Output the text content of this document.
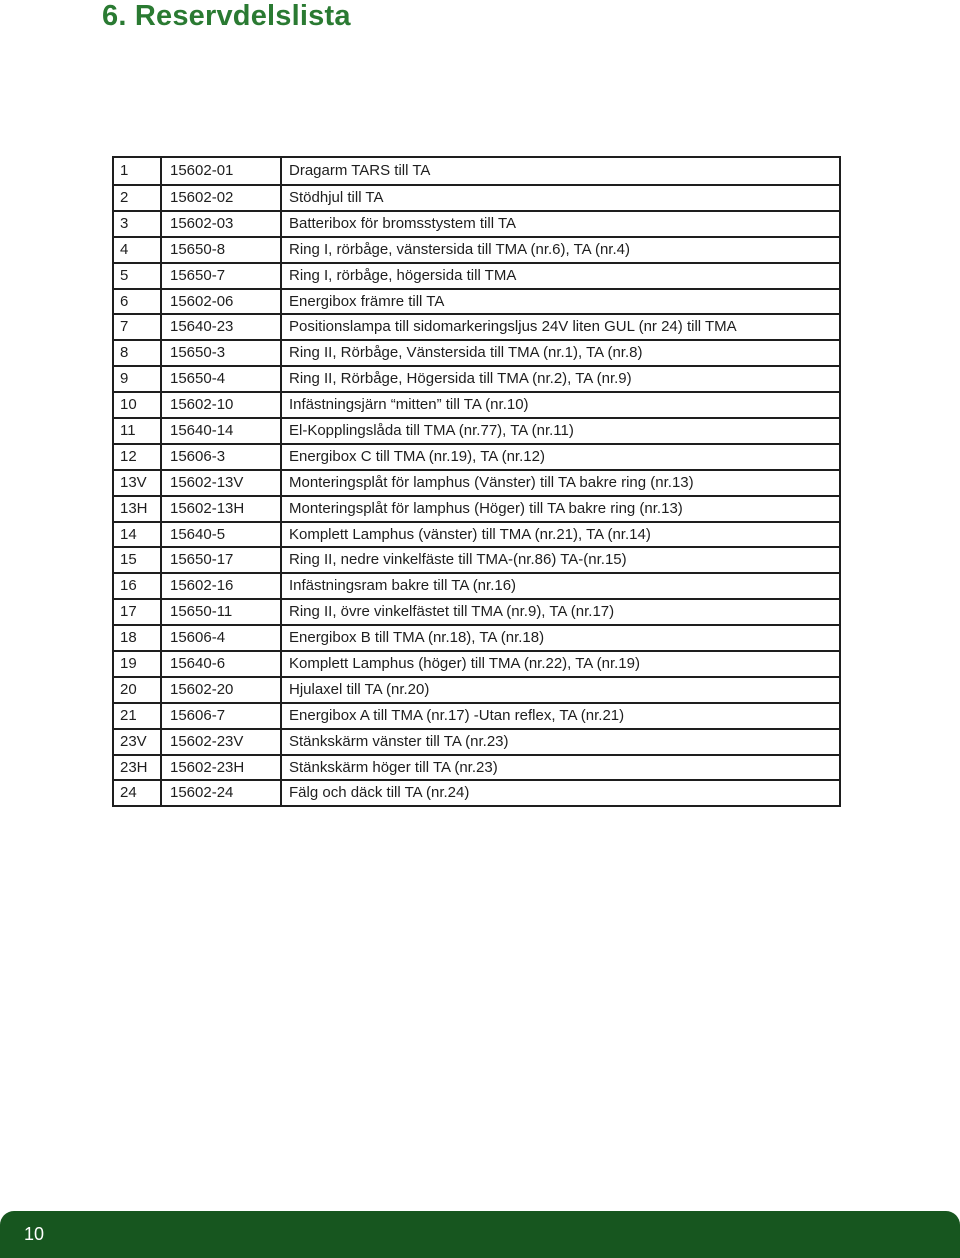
6. Reservdelslista
1	15602-01	Dragarm TARS till TA
2	15602-02	Stödhjul till TA
3	15602-03	Batteribox för bromsstystem till TA
4	15650-8	Ring I, rörbåge, vänstersida till TMA (nr.6), TA (nr.4)
5	15650-7	Ring I, rörbåge, högersida till TMA
6	15602-06	Energibox främre till TA
7	15640-23	Positionslampa till sidomarkeringsljus 24V liten GUL (nr 24) till TMA
8	15650-3	Ring II, Rörbåge, Vänstersida till TMA (nr.1), TA (nr.8)
9	15650-4	Ring II, Rörbåge, Högersida till TMA (nr.2), TA (nr.9)
10	15602-10	Infästningsjärn “mitten” till TA (nr.10)
11	15640-14	El-Kopplingslåda till TMA (nr.77), TA (nr.11)
12	15606-3	Energibox C till TMA (nr.19), TA (nr.12)
13V	15602-13V	Monteringsplåt för lamphus (Vänster) till TA bakre ring (nr.13)
13H	15602-13H	Monteringsplåt för lamphus (Höger) till TA bakre ring (nr.13)
14	15640-5	Komplett Lamphus (vänster) till TMA (nr.21), TA (nr.14)
15	15650-17	Ring II, nedre vinkelfäste till TMA-(nr.86) TA-(nr.15)
16	15602-16	Infästningsram bakre till TA (nr.16)
17	15650-11	Ring II, övre vinkelfästet till TMA (nr.9), TA (nr.17)
18	15606-4	Energibox B till TMA (nr.18), TA (nr.18)
19	15640-6	Komplett Lamphus (höger) till TMA (nr.22), TA (nr.19)
20	15602-20	Hjulaxel till TA (nr.20)
21	15606-7	Energibox A till TMA (nr.17) -Utan reflex, TA (nr.21)
23V	15602-23V	Stänkskärm vänster till TA (nr.23)
23H	15602-23H	Stänkskärm höger till TA (nr.23)
24	15602-24	Fälg och däck till TA (nr.24)
10
